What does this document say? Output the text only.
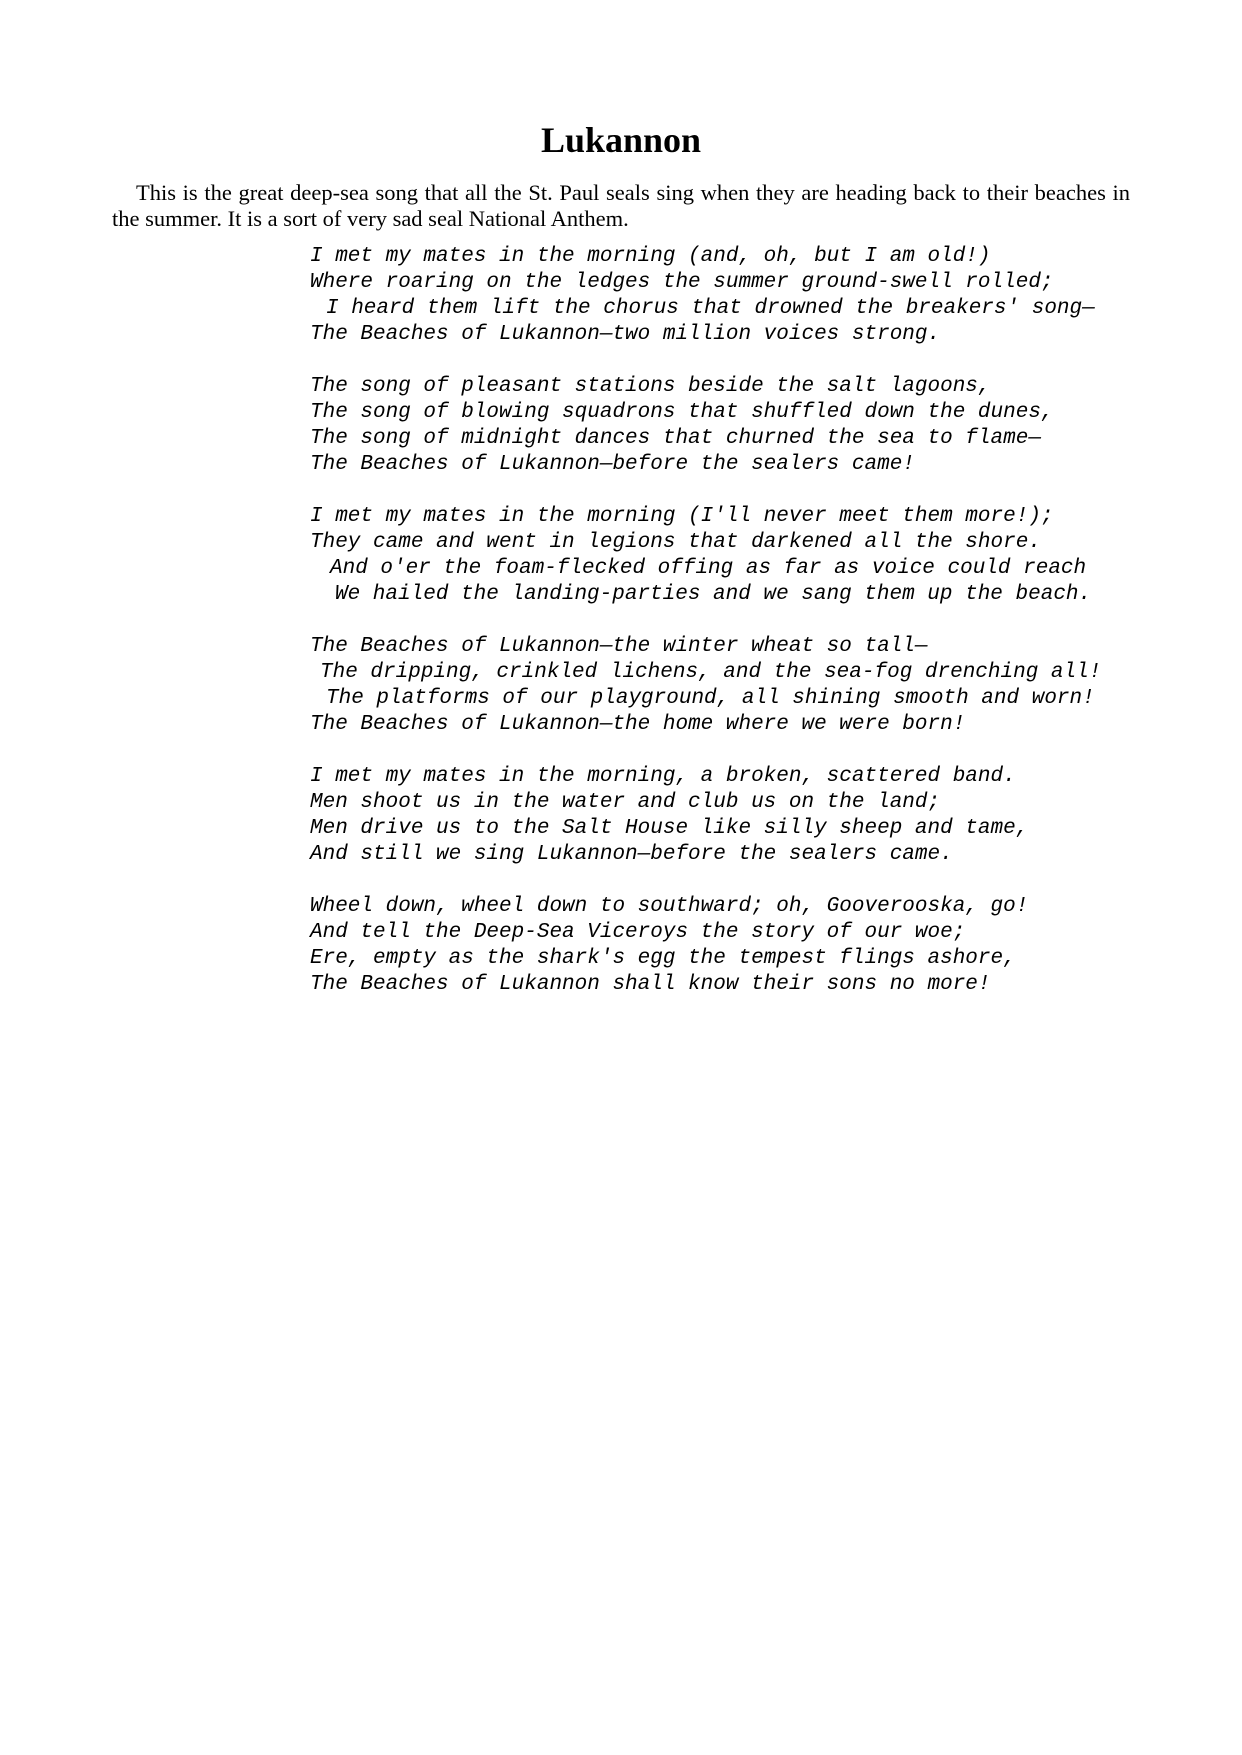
Lukannon

This is the great deep-sea song that all the St. Paul seals sing when they are heading back to their beaches in the summer. It is a sort of very sad seal National Anthem.

I met my mates in the morning (and, oh, but I am old!)
Where roaring on the ledges the summer ground-swell rolled;
I heard them lift the chorus that drowned the breakers' song—
The Beaches of Lukannon—two million voices strong.
The song of pleasant stations beside the salt lagoons,
The song of blowing squadrons that shuffled down the dunes,
The song of midnight dances that churned the sea to flame—
The Beaches of Lukannon—before the sealers came!
I met my mates in the morning (I'll never meet them more!);
They came and went in legions that darkened all the shore.
And o'er the foam-flecked offing as far as voice could reach
We hailed the landing-parties and we sang them up the beach.
The Beaches of Lukannon—the winter wheat so tall—
The dripping, crinkled lichens, and the sea-fog drenching all!
The platforms of our playground, all shining smooth and worn!
The Beaches of Lukannon—the home where we were born!
I met my mates in the morning, a broken, scattered band.
Men shoot us in the water and club us on the land;
Men drive us to the Salt House like silly sheep and tame,
And still we sing Lukannon—before the sealers came.
Wheel down, wheel down to southward; oh, Gooverooska, go!
And tell the Deep-Sea Viceroys the story of our woe;
Ere, empty as the shark's egg the tempest flings ashore,
The Beaches of Lukannon shall know their sons no more!
